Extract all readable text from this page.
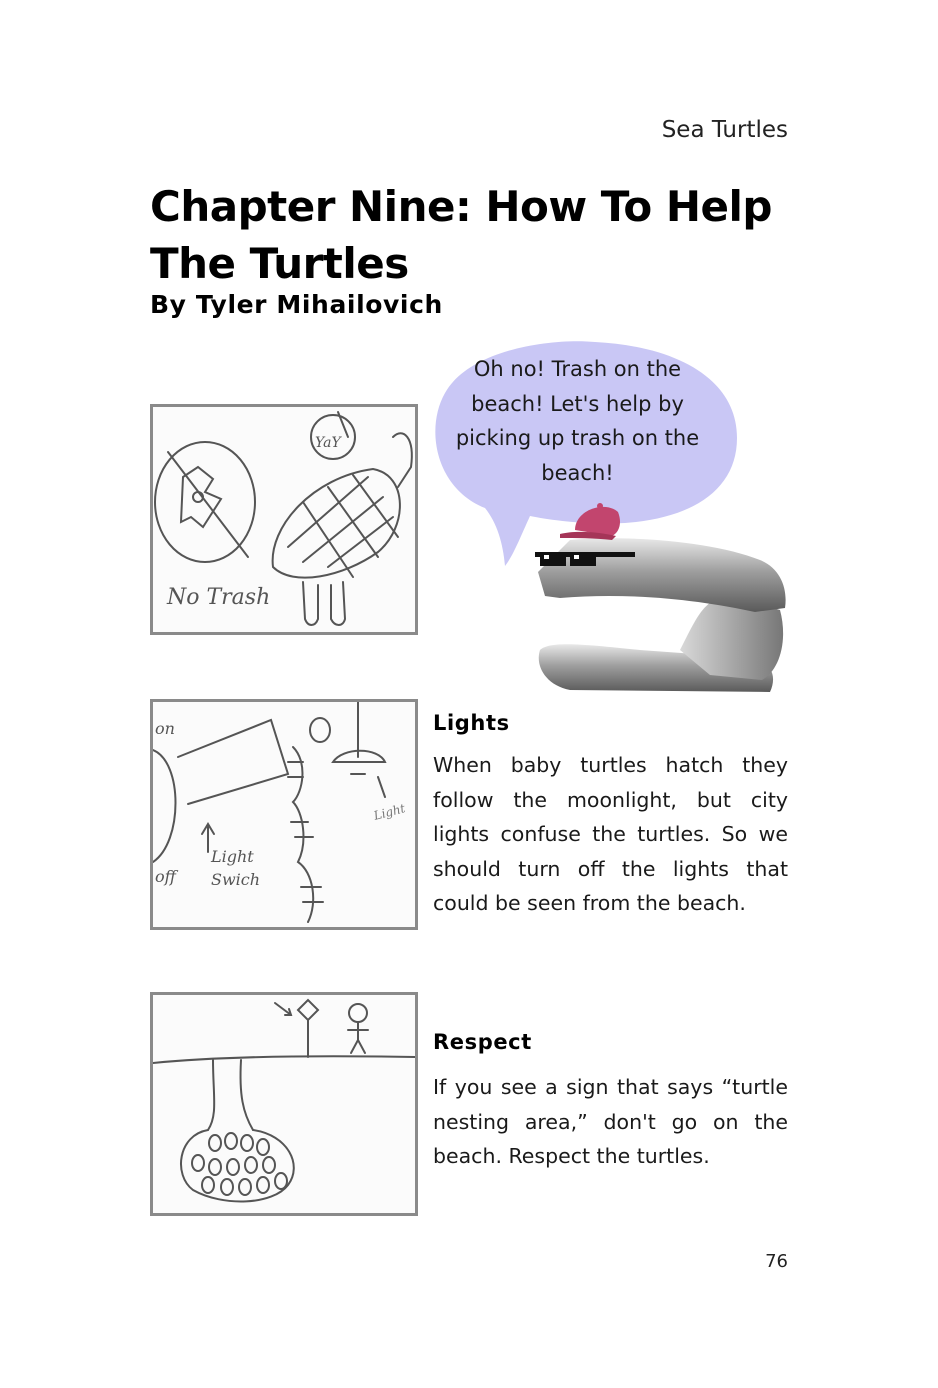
Sea Turtles
Chapter Nine: How To Help The Turtles
By Tyler Mihailovich
Oh no! Trash on the beach! Let's help by picking up trash on the beach!
No Trash
YaY
on
off
Light
Swich
Light
Lights
When baby turtles hatch they follow the moonlight, but city lights confuse the turtles. So we should turn off the lights that could be seen from the beach.
Respect
If you see a sign that says “turtle nesting area,” don't go on the beach. Respect the turtles.
76
